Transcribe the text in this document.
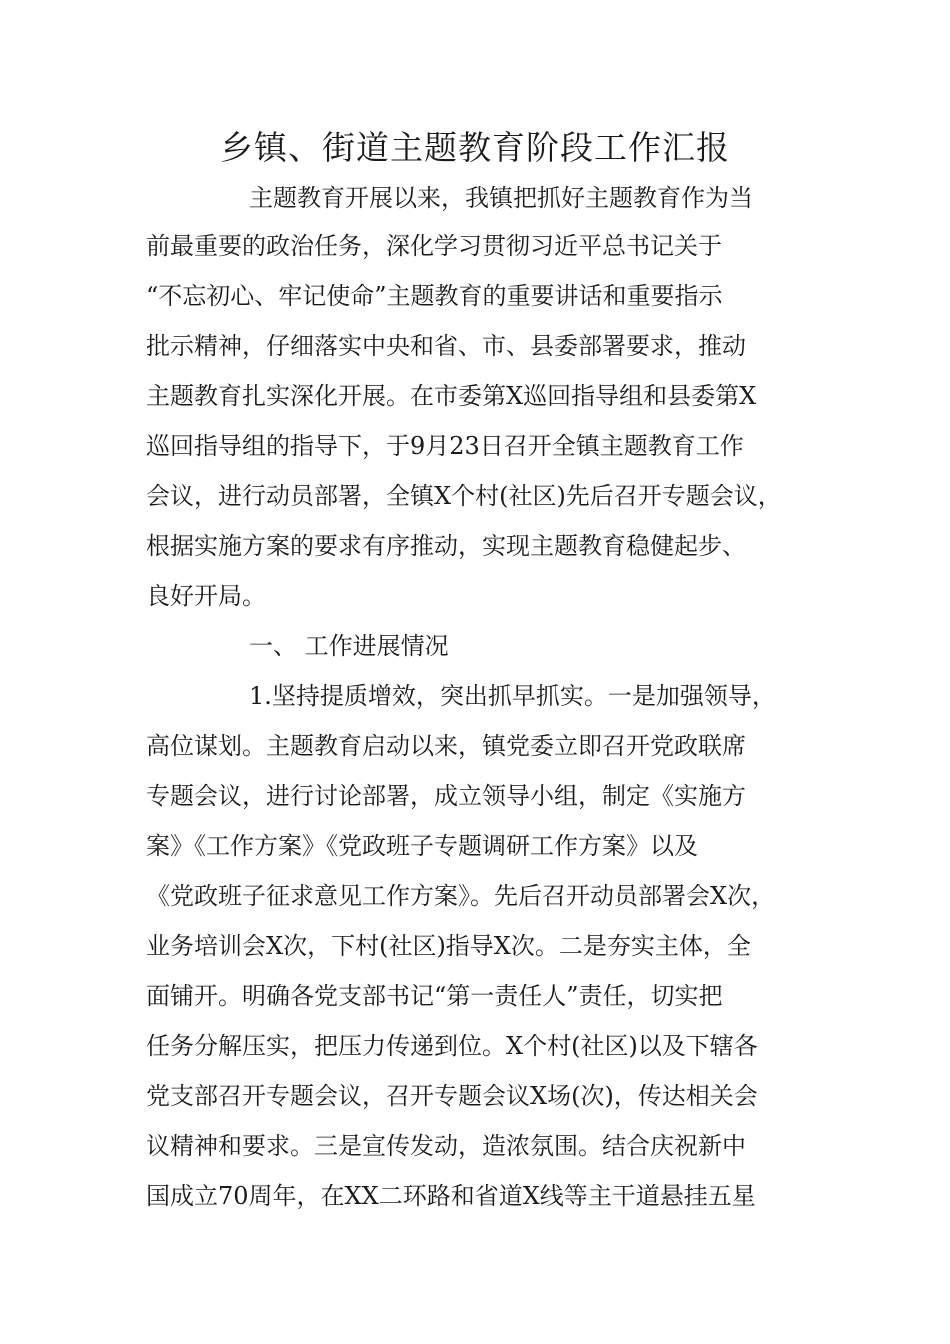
乡镇、街道主题教育阶段工作汇报

主题教育开展以来，我镇把抓好主题教育作为当

前最重要的政治任务，深化学习贯彻习近平总书记关于

“不忘初心、牢记使命”主题教育的重要讲话和重要指示

批示精神，仔细落实中央和省、市、县委部署要求，推动

主题教育扎实深化开展。在市委第X巡回指导组和县委第X

巡回指导组的指导下，于9月23日召开全镇主题教育工作

会议，进行动员部署，全镇X个村(社区)先后召开专题会议，

根据实施方案的要求有序推动，实现主题教育稳健起步、

良好开局。

一、 工作进展情况

1.坚持提质增效，突出抓早抓实。一是加强领导，

高位谋划。主题教育启动以来，镇党委立即召开党政联席

专题会议，进行讨论部署，成立领导小组，制定《实施方

案》《工作方案》《党政班子专题调研工作方案》以及

《党政班子征求意见工作方案》。先后召开动员部署会X次，

业务培训会X次，下村(社区)指导X次。二是夯实主体，全

面铺开。明确各党支部书记“第一责任人”责任，切实把

任务分解压实，把压力传递到位。X个村(社区)以及下辖各

党支部召开专题会议，召开专题会议X场(次)，传达相关会

议精神和要求。三是宣传发动，造浓氛围。结合庆祝新中

国成立70周年，在XX二环路和省道X线等主干道悬挂五星
